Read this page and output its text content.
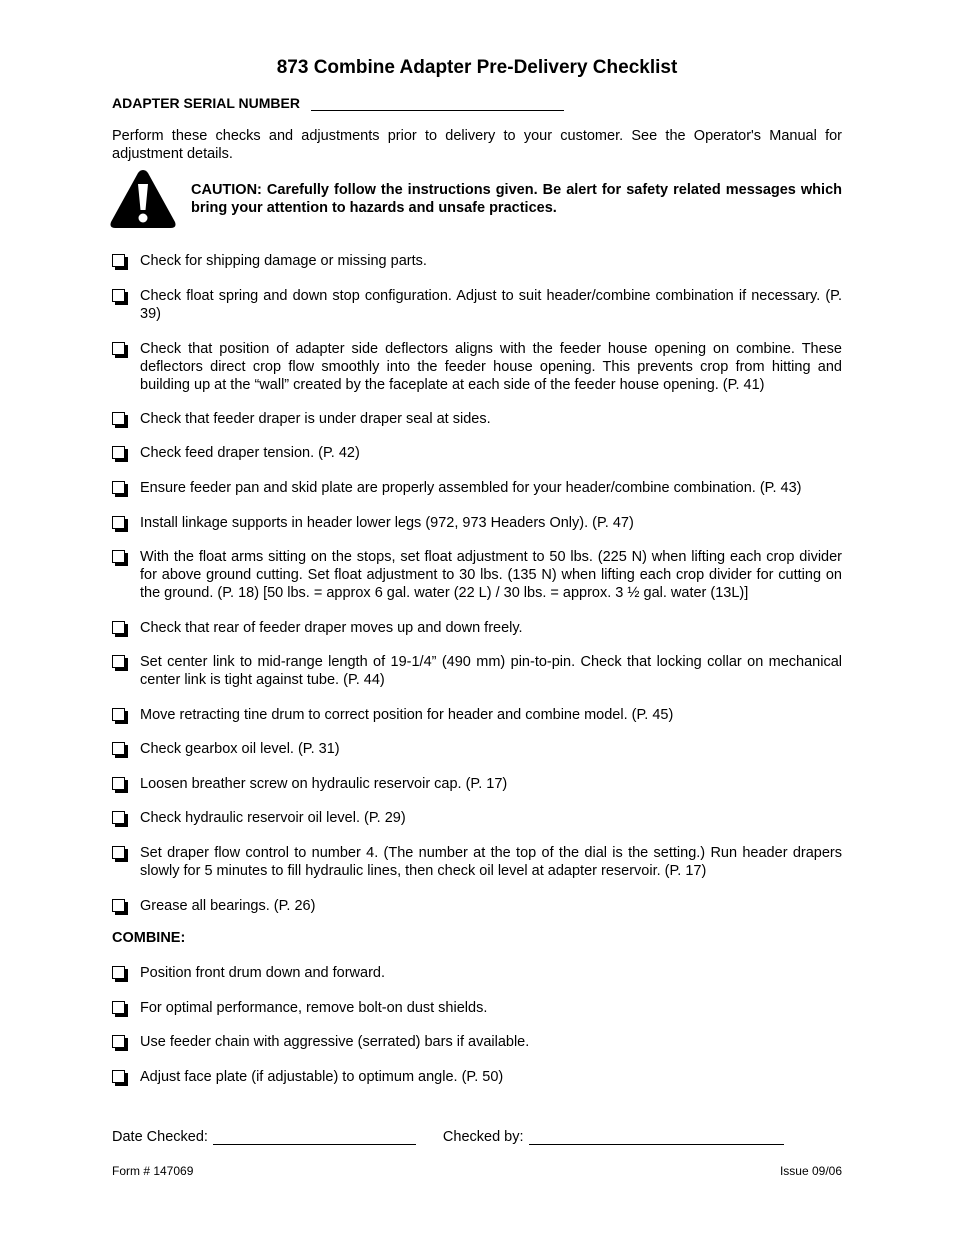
873 Combine Adapter Pre-Delivery Checklist
ADAPTER SERIAL NUMBER
Perform these checks and adjustments prior to delivery to your customer. See the Operator's Manual for adjustment details.
CAUTION: Carefully follow the instructions given. Be alert for safety related messages which bring your attention to hazards and unsafe practices.
Check for shipping damage or missing parts.
Check float spring and down stop configuration. Adjust to suit header/combine combination if necessary. (P. 39)
Check that position of adapter side deflectors aligns with the feeder house opening on combine. These deflectors direct crop flow smoothly into the feeder house opening. This prevents crop from hitting and building up at the “wall” created by the faceplate at each side of the feeder house opening. (P. 41)
Check that feeder draper is under draper seal at sides.
Check feed draper tension. (P. 42)
Ensure feeder pan and skid plate are properly assembled for your header/combine combination. (P. 43)
Install linkage supports in header lower legs (972, 973 Headers Only). (P. 47)
With the float arms sitting on the stops, set float adjustment to 50 lbs. (225 N) when lifting each crop divider for above ground cutting. Set float adjustment to 30 lbs. (135 N) when lifting each crop divider for cutting on the ground. (P. 18) [50 lbs. = approx 6 gal. water (22 L) / 30 lbs. = approx. 3 ½ gal. water (13L)]
Check that rear of feeder draper moves up and down freely.
Set center link to mid-range length of 19-1/4” (490 mm) pin-to-pin. Check that locking collar on mechanical center link is tight against tube. (P. 44)
Move retracting tine drum to correct position for header and combine model. (P. 45)
Check gearbox oil level. (P. 31)
Loosen breather screw on hydraulic reservoir cap. (P. 17)
Check hydraulic reservoir oil level. (P. 29)
Set draper flow control to number 4. (The number at the top of the dial is the setting.) Run header drapers slowly for 5 minutes to fill hydraulic lines, then check oil level at adapter reservoir. (P. 17)
Grease all bearings. (P. 26)
COMBINE:
Position front drum down and forward.
For optimal performance, remove bolt-on dust shields.
Use feeder chain with aggressive (serrated) bars if available.
Adjust face plate (if adjustable) to optimum angle. (P. 50)
Date Checked:	Checked by:
Form # 147069	Issue 09/06
